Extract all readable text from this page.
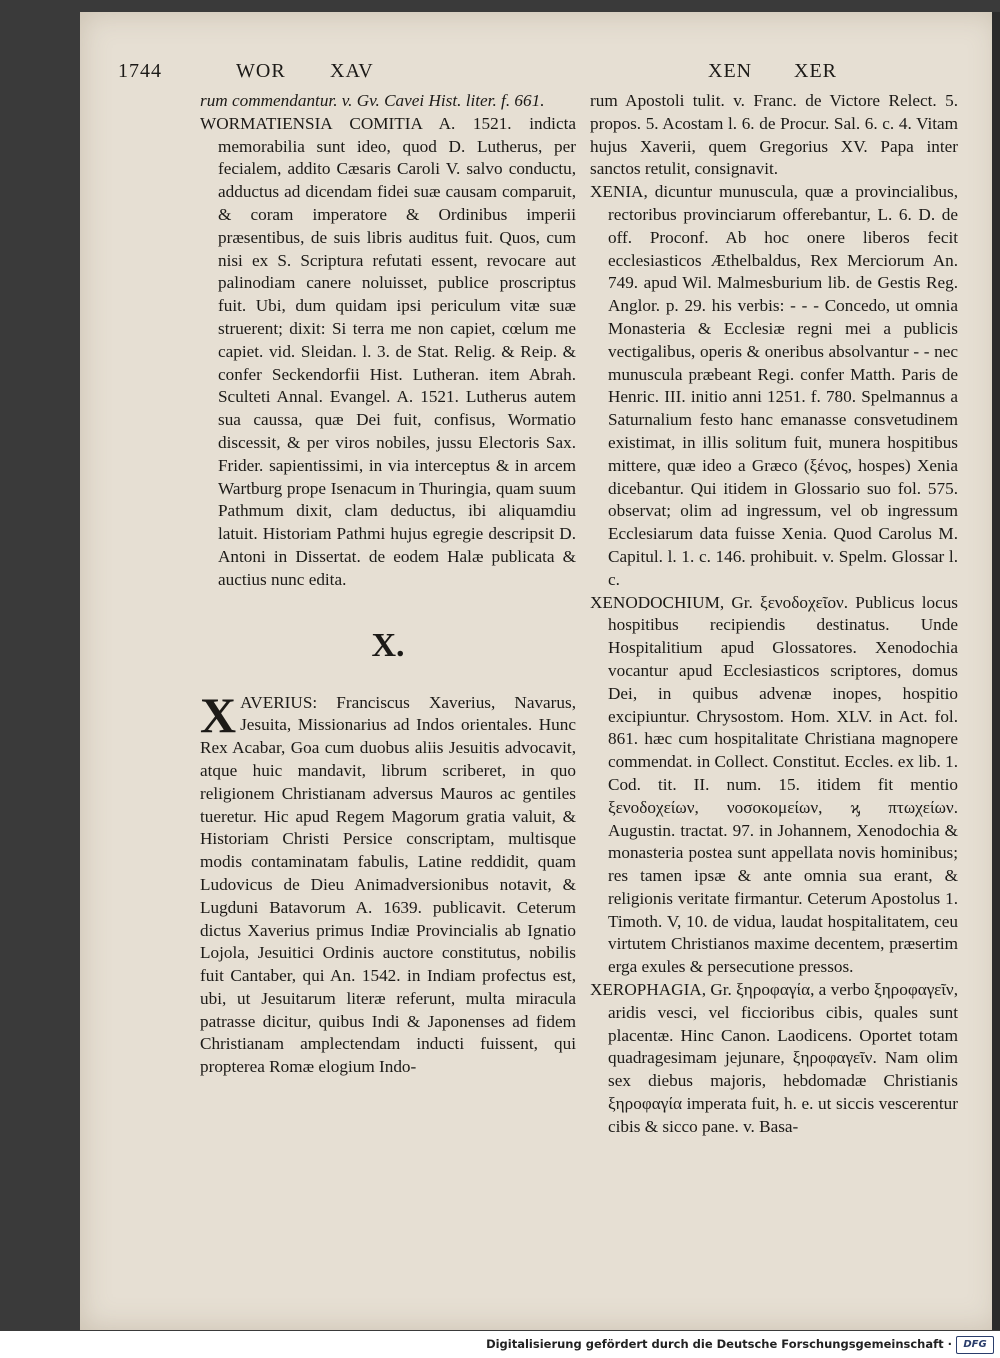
1744	WOR XAV	XEN XER

rum commendantur. v. Gv. Cavei Hist. liter. f. 661.

WORMATIENSIA COMITIA A. 1521. indicta memorabilia sunt ideo, quod D. Lutherus, per fecialem, addito Cæsaris Caroli V. salvo conductu, adductus ad dicendam fidei suæ causam comparuit, & coram imperatore & Ordinibus imperii præsentibus, de suis libris auditus fuit. Quos, cum nisi ex S. Scriptura refutati essent, revocare aut palinodiam canere noluisset, publice proscriptus fuit. Ubi, dum quidam ipsi periculum vitæ suæ struerent; dixit: Si terra me non capiet, cœlum me capiet. vid. Sleidan. l. 3. de Stat. Relig. & Reip. & confer Seckendorfii Hist. Lutheran. item Abrah. Sculteti Annal. Evangel. A. 1521. Lutherus autem sua caussa, quæ Dei fuit, confisus, Wormatio discessit, & per viros nobiles, jussu Electoris Sax. Frider. sapientissimi, in via interceptus & in arcem Wartburg prope Isenacum in Thuringia, quam suum Pathmum dixit, clam deductus, ibi aliquamdiu latuit. Historiam Pathmi hujus egregie descripsit D. Antoni in Dissertat. de eodem Halæ publicata & auctius nunc edita.

X.

X AVERIUS: Franciscus Xaverius, Navarus, Jesuita, Missionarius ad Indos orientales. Hunc Rex Acabar, Goa cum duobus aliis Jesuitis advocavit, atque huic mandavit, librum scriberet, in quo religionem Christianam adversus Mauros ac gentiles tueretur. Hic apud Regem Magorum gratia valuit, & Historiam Christi Persice conscriptam, multisque modis contaminatam fabulis, Latine reddidit, quam Ludovicus de Dieu Animadversionibus notavit, & Lugduni Batavorum A. 1639. publicavit. Ceterum dictus Xaverius primus Indiæ Provincialis ab Ignatio Lojola, Jesuitici Ordinis auctore constitutus, nobilis fuit Cantaber, qui An. 1542. in Indiam profectus est, ubi, ut Jesuitarum literæ referunt, multa miracula patrasse dicitur, quibus Indi & Japonenses ad fidem Christianam amplectendam inducti fuissent, qui propterea Romæ elogium Indo-

rum Apostoli tulit. v. Franc. de Victore Relect. 5. propos. 5. Acostam l. 6. de Procur. Sal. 6. c. 4. Vitam hujus Xaverii, quem Gregorius XV. Papa inter sanctos retulit, consignavit.

XENIA, dicuntur munuscula, quæ a provincialibus, rectoribus provinciarum offerebantur, L. 6. D. de off. Proconf. Ab hoc onere liberos fecit ecclesiasticos Æthelbaldus, Rex Merciorum An. 749. apud Wil. Malmesburium lib. de Gestis Reg. Anglor. p. 29. his verbis: - - - Concedo, ut omnia Monasteria & Ecclesiæ regni mei a publicis vectigalibus, operis & oneribus absolvantur - - nec munuscula præbeant Regi. confer Matth. Paris de Henric. III. initio anni 1251. f. 780. Spelmannus a Saturnalium festo hanc emanasse consvetudinem existimat, in illis solitum fuit, munera hospitibus mittere, quæ ideo a Græco (ξένος, hospes) Xenia dicebantur. Qui itidem in Glossario suo fol. 575. observat; olim ad ingressum, vel ob ingressum Ecclesiarum data fuisse Xenia. Quod Carolus M. Capitul. l. 1. c. 146. prohibuit. v. Spelm. Glossar l. c.

XENODOCHIUM, Gr. ξενοδοχεῖον. Publicus locus hospitibus recipiendis destinatus. Unde Hospitalitium apud Glossatores. Xenodochia vocantur apud Ecclesiasticos scriptores, domus Dei, in quibus advenæ inopes, hospitio excipiuntur. Chrysostom. Hom. XLV. in Act. fol. 861. hæc cum hospitalitate Christiana magnopere commendat. in Collect. Constitut. Eccles. ex lib. 1. Cod. tit. II. num. 15. itidem fit mentio ξενοδοχείων, νοσοκομείων, ϗ πτωχείων. Augustin. tractat. 97. in Johannem, Xenodochia & monasteria postea sunt appellata novis hominibus; res tamen ipsæ & ante omnia sua erant, & religionis veritate firmantur. Ceterum Apostolus 1. Timoth. V, 10. de vidua, laudat hospitalitatem, ceu virtutem Christianos maxime decentem, præsertim erga exules & persecutione pressos.

XEROPHAGIA, Gr. ξηροφαγία, a verbo ξηροφαγεῖν, aridis vesci, vel ficcioribus cibis, quales sunt placentæ. Hinc Canon. Laodicens. Oportet totam quadragesimam jejunare, ξηροφαγεῖν. Nam olim sex diebus majoris, hebdomadæ Christianis ξηροφαγία imperata fuit, h. e. ut siccis vescerentur cibis & sicco pane. v. Basa-

Digitalisierung gefördert durch die Deutsche Forschungsgemeinschaft ·	DFG
